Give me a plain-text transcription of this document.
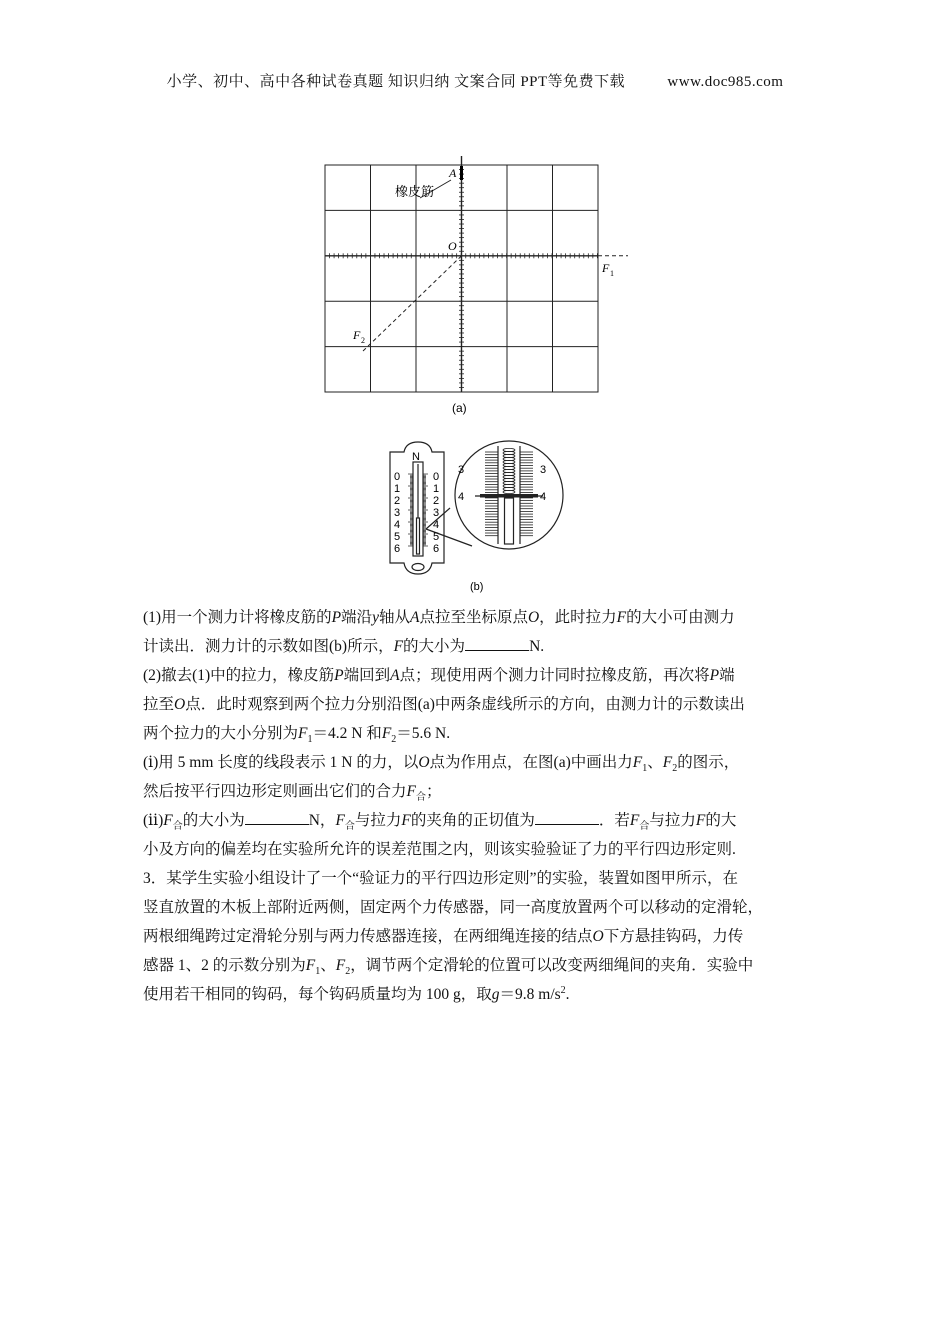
小学、初中、高中各种试卷真题 知识归纳 文案合同 PPT等免费下载	www.doc985.com
橡皮筋
A
O
F 1
F 2
(a)
N
0
1
2
3
4
5
6
0
1
2
3
4
5
6
3	3
4	4
(b)

(1)用一个测力计将橡皮筋的P端沿y轴从A点拉至坐标原点O，此时拉力F的大小可由测力

计读出．测力计的示数如图(b)所示，F的大小为	N.

(2)撤去(1)中的拉力，橡皮筋P端回到A点；现使用两个测力计同时拉橡皮筋，再次将P端

拉至O点．此时观察到两个拉力分别沿图(a)中两条虚线所示的方向，由测力计的示数读出

两个拉力的大小分别为$F_1=4.2$ N 和$F_2=5.6$ N.

(ⅰ)用 5 mm 长度的线段表示 1 N 的力，以O点为作用点，在图(a)中画出力$F_1$、$F_2$的图示，

然后按平行四边形定则画出它们的合力$F_合$；

$(ⅱ)F_合$的大小为	N，$F_合$与拉力F的夹角的正切值为	．若$F_合$与拉力F的大

小及方向的偏差均在实验所允许的误差范围之内，则该实验验证了力的平行四边形定则.

3．某学生实验小组设计了一个“验证力的平行四边形定则”的实验，装置如图甲所示，在

竖直放置的木板上部附近两侧，固定两个力传感器，同一高度放置两个可以移动的定滑轮，

两根细绳跨过定滑轮分别与两力传感器连接，在两细绳连接的结点O下方悬挂钩码，力传

感器 1、2 的示数分别为$F_1$、$F_2$，调节两个定滑轮的位置可以改变两细绳间的夹角．实验中

使用若干相同的钩码，每个钩码质量均为 100 g，取g＝9.8 $m/s^2$.
